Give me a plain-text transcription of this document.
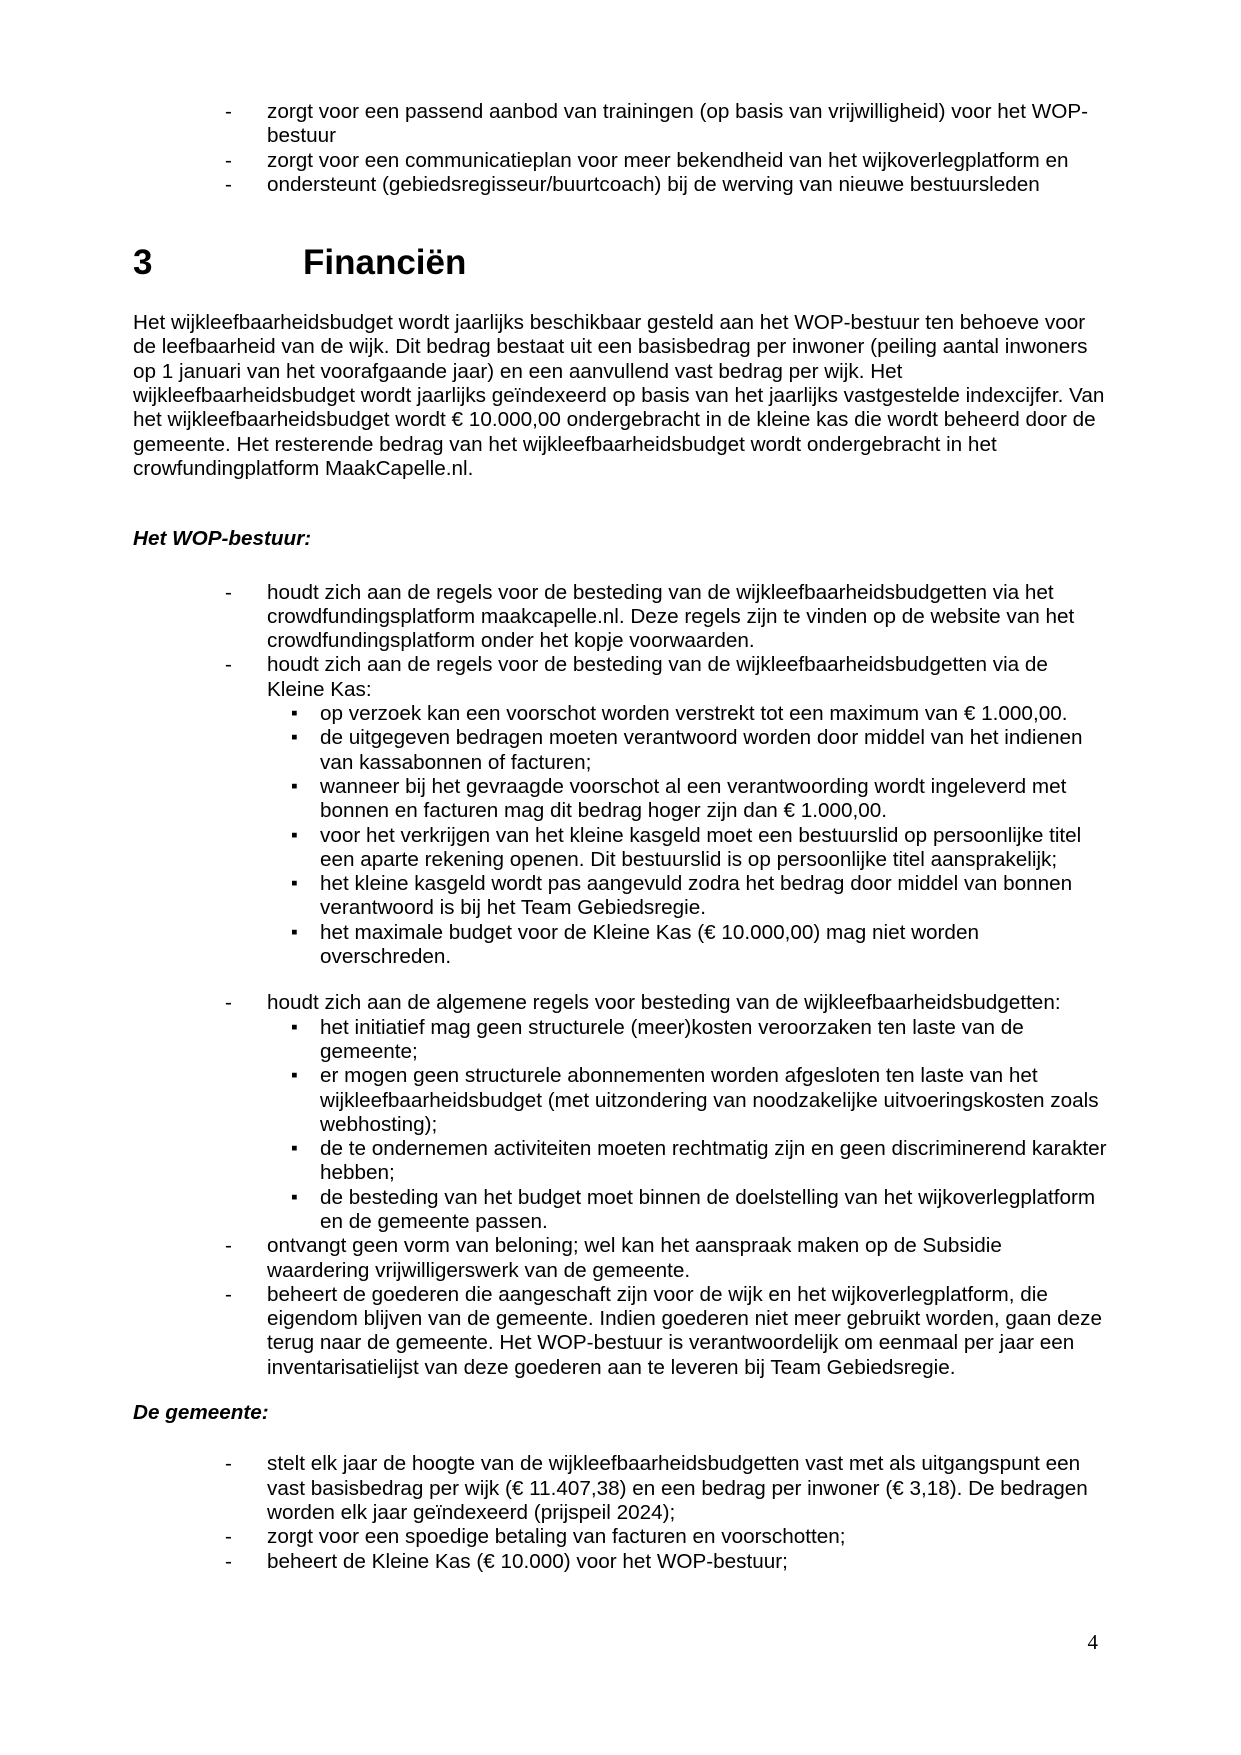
-	zorgt voor een passend aanbod van trainingen (op basis van vrijwilligheid) voor het WOP-bestuur
-	zorgt voor een communicatieplan voor meer bekendheid van het wijkoverlegplatform en
-	ondersteunt (gebiedsregisseur/buurtcoach) bij de werving van nieuwe bestuursleden
3	Financiën
Het wijkleefbaarheidsbudget wordt jaarlijks beschikbaar gesteld aan het WOP-bestuur ten behoeve voor de leefbaarheid van de wijk. Dit bedrag bestaat uit een basisbedrag per inwoner (peiling aantal inwoners op 1 januari van het voorafgaande jaar) en een aanvullend vast bedrag per wijk. Het wijkleefbaarheidsbudget wordt jaarlijks geïndexeerd op basis van het jaarlijks vastgestelde indexcijfer. Van het wijkleefbaarheidsbudget wordt € 10.000,00 ondergebracht in de kleine kas die wordt beheerd door de gemeente. Het resterende bedrag van het wijkleefbaarheidsbudget wordt ondergebracht in het crowfundingplatform MaakCapelle.nl.
Het WOP-bestuur:
-	houdt zich aan de regels voor de besteding van de wijkleefbaarheidsbudgetten via het crowdfundingsplatform maakcapelle.nl. Deze regels zijn te vinden op de website van het crowdfundingsplatform onder het kopje voorwaarden.
-	houdt zich aan de regels voor de besteding van de wijkleefbaarheidsbudgetten via de Kleine Kas:
▪ op verzoek kan een voorschot worden verstrekt tot een maximum van € 1.000,00.
▪ de uitgegeven bedragen moeten verantwoord worden door middel van het indienen van kassabonnen of facturen;
▪ wanneer bij het gevraagde voorschot al een verantwoording wordt ingeleverd met bonnen en facturen mag dit bedrag hoger zijn dan € 1.000,00.
▪ voor het verkrijgen van het kleine kasgeld moet een bestuurslid op persoonlijke titel een aparte rekening openen. Dit bestuurslid is op persoonlijke titel aansprakelijk;
▪ het kleine kasgeld wordt pas aangevuld zodra het bedrag door middel van bonnen verantwoord is bij het Team Gebiedsregie.
▪ het maximale budget voor de Kleine Kas (€ 10.000,00) mag niet worden overschreden.
-	houdt zich aan de algemene regels voor besteding van de wijkleefbaarheidsbudgetten:
▪ het initiatief mag geen structurele (meer)kosten veroorzaken ten laste van de gemeente;
▪ er mogen geen structurele abonnementen worden afgesloten ten laste van het wijkleefbaarheidsbudget (met uitzondering van noodzakelijke uitvoeringskosten zoals webhosting);
▪ de te ondernemen activiteiten moeten rechtmatig zijn en geen discriminerend karakter hebben;
▪ de besteding van het budget moet binnen de doelstelling van het wijkoverlegplatform en de gemeente passen.
-	ontvangt geen vorm van beloning; wel kan het aanspraak maken op de Subsidie waardering vrijwilligerswerk van de gemeente.
-	beheert de goederen die aangeschaft zijn voor de wijk en het wijkoverlegplatform, die eigendom blijven van de gemeente. Indien goederen niet meer gebruikt worden, gaan deze terug naar de gemeente. Het WOP-bestuur is verantwoordelijk om eenmaal per jaar een inventarisatielijst van deze goederen aan te leveren bij Team Gebiedsregie.
De gemeente:
-	stelt elk jaar de hoogte van de wijkleefbaarheidsbudgetten vast met als uitgangspunt een vast basisbedrag per wijk (€ 11.407,38) en een bedrag per inwoner (€ 3,18). De bedragen worden elk jaar geïndexeerd (prijspeil 2024);
-	zorgt voor een spoedige betaling van facturen en voorschotten;
-	beheert de Kleine Kas (€ 10.000) voor het WOP-bestuur;
4
